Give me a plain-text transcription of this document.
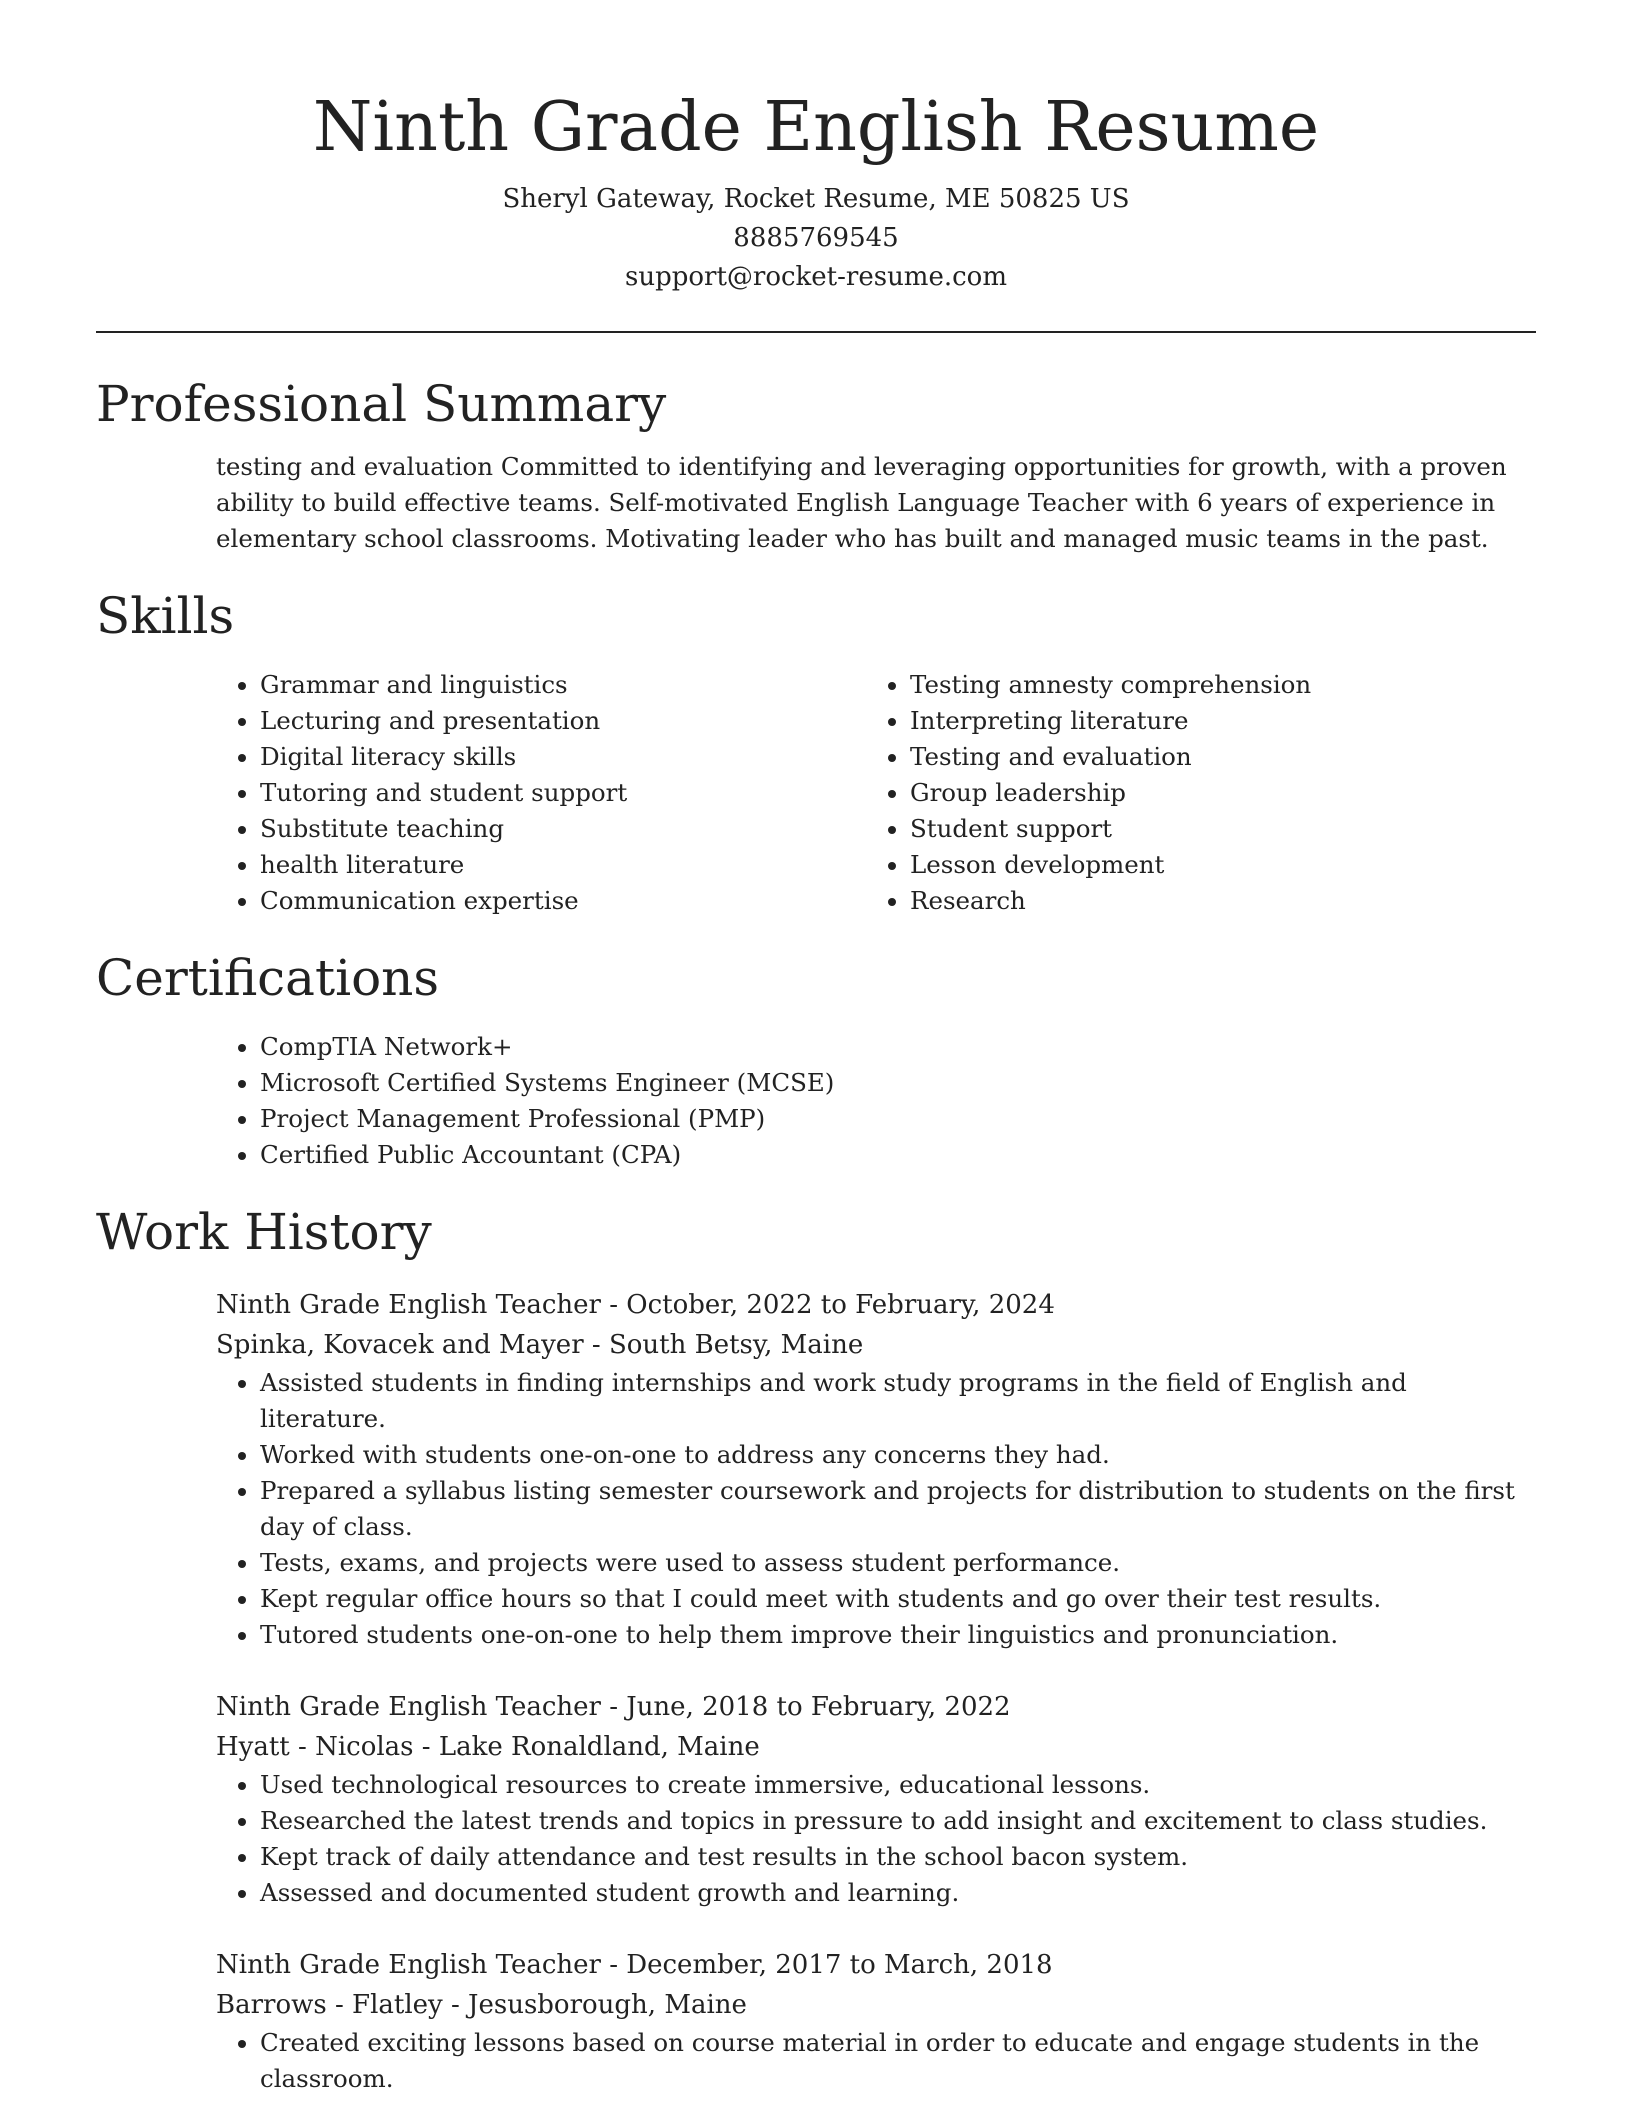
Ninth Grade English Resume

Sheryl Gateway, Rocket Resume, ME 50825 US

8885769545

support@rocket-resume.com

Professional Summary

testing and evaluation Committed to identifying and leveraging opportunities for growth, with a proven ability to build effective teams. Self-motivated English Language Teacher with 6 years of experience in elementary school classrooms. Motivating leader who has built and managed music teams in the past.

Skills
• Grammar and linguistics
• Lecturing and presentation
• Digital literacy skills
• Tutoring and student support
• Substitute teaching
• health literature
• Communication expertise
• Testing amnesty comprehension
• Interpreting literature
• Testing and evaluation
• Group leadership
• Student support
• Lesson development
• Research
Certifications
• CompTIA Network+
• Microsoft Certified Systems Engineer (MCSE)
• Project Management Professional (PMP)
• Certified Public Accountant (CPA)
Work History

Ninth Grade English Teacher - October, 2022 to February, 2024

Spinka, Kovacek and Mayer - South Betsy, Maine

• Assisted students in finding internships and work study programs in the field of English and literature.
• Worked with students one-on-one to address any concerns they had.
• Prepared a syllabus listing semester coursework and projects for distribution to students on the first day of class.
• Tests, exams, and projects were used to assess student performance.
• Kept regular office hours so that I could meet with students and go over their test results.
• Tutored students one-on-one to help them improve their linguistics and pronunciation.

Ninth Grade English Teacher - June, 2018 to February, 2022

Hyatt - Nicolas - Lake Ronaldland, Maine

• Used technological resources to create immersive, educational lessons.
• Researched the latest trends and topics in pressure to add insight and excitement to class studies.
• Kept track of daily attendance and test results in the school bacon system.
• Assessed and documented student growth and learning.

Ninth Grade English Teacher - December, 2017 to March, 2018

Barrows - Flatley - Jesusborough, Maine

• Created exciting lessons based on course material in order to educate and engage students in the classroom.
